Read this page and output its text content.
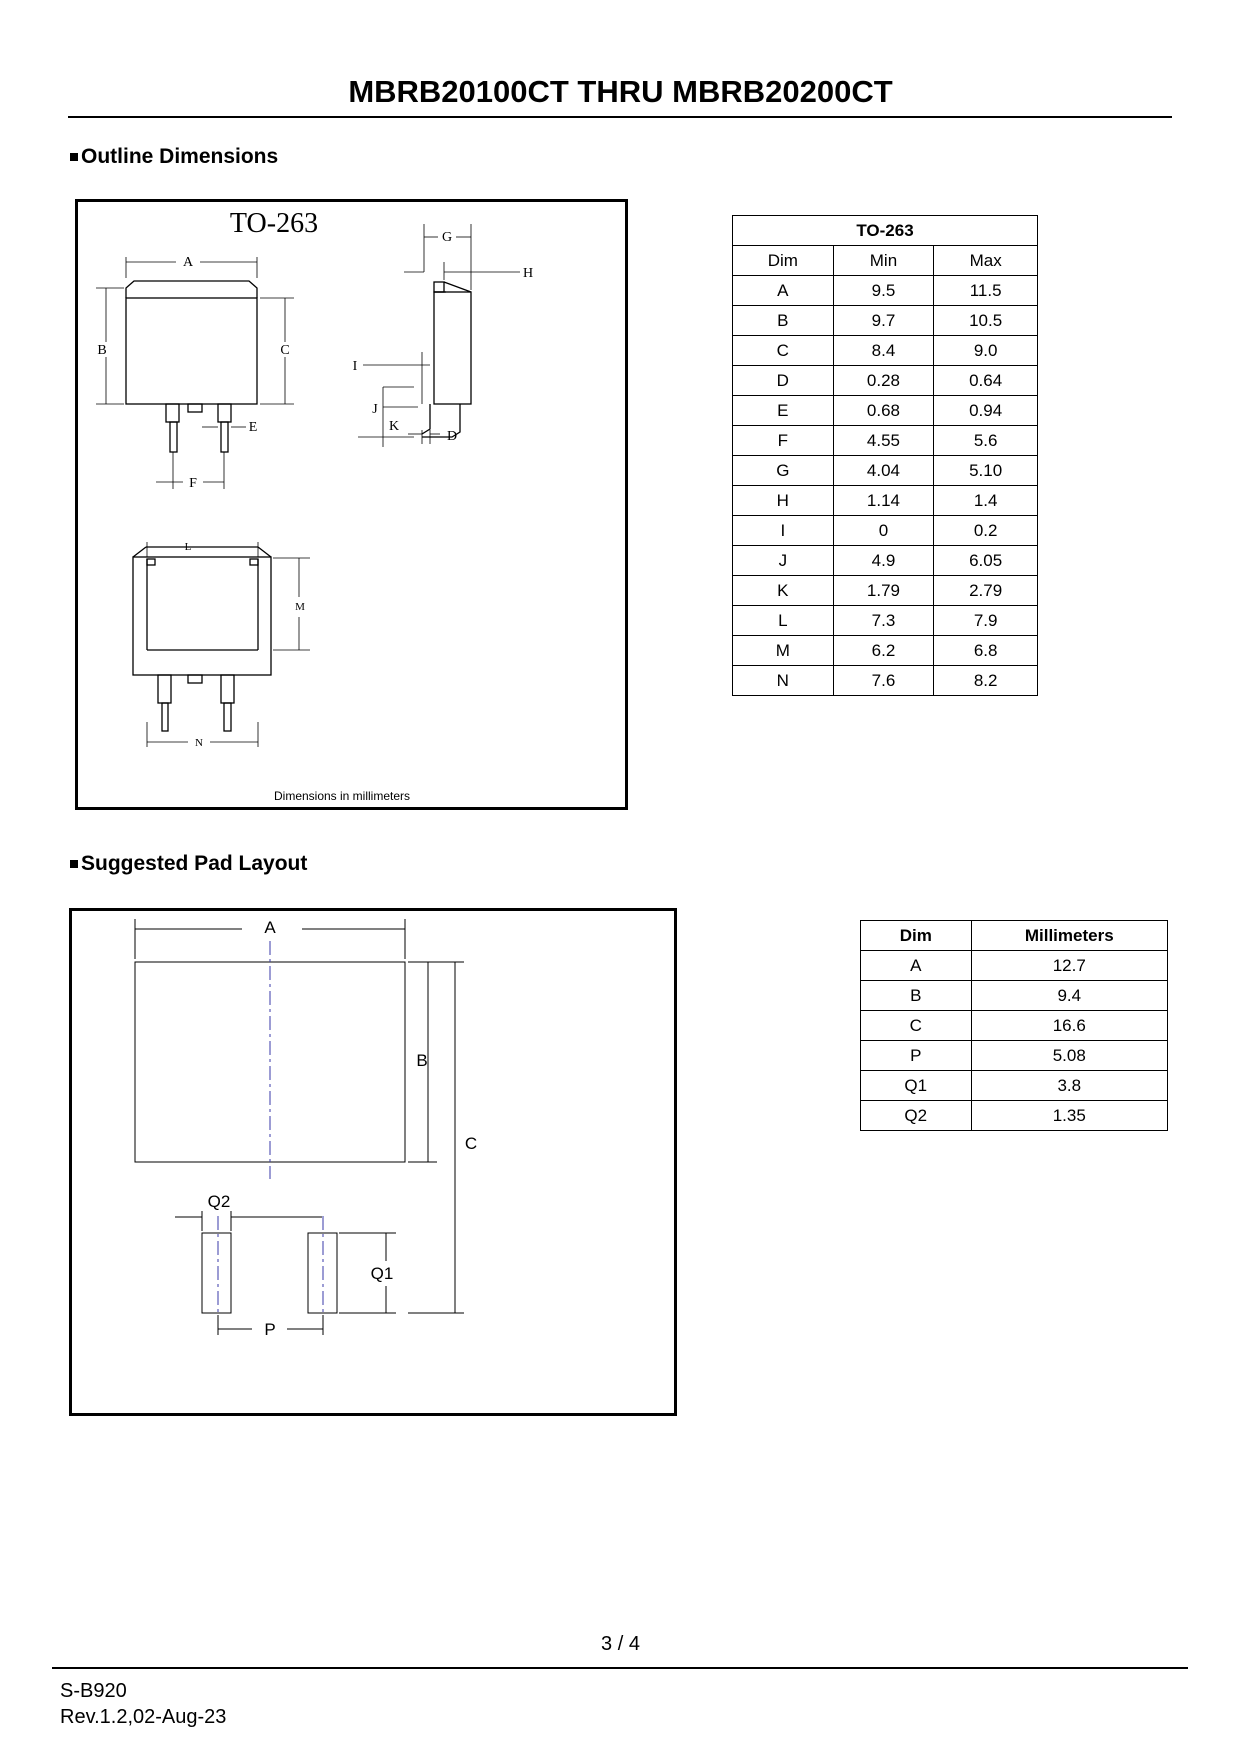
MBRB20100CT THRU MBRB20200CT
Outline Dimensions
TO-263
A
B	C
E
F
G
H
I
J
K
D
L
M
N
Dimensions in millimeters
TO-263		
Dim	Min	Max
A	9.5	11.5
B	9.7	10.5
C	8.4	9.0
D	0.28	0.64
E	0.68	0.94
F	4.55	5.6
G	4.04	5.10
H	1.14	1.4
I	0	0.2
J	4.9	6.05
K	1.79	2.79
L	7.3	7.9
M	6.2	6.8
N	7.6	8.2
Suggested Pad Layout
A
B
C
Q2
Q1
P
Dim	Millimeters
A	12.7
B	9.4
C	16.6
P	5.08
Q1	3.8
Q2	1.35
3 / 4
S-B920
Rev.1.2,02-Aug-23
